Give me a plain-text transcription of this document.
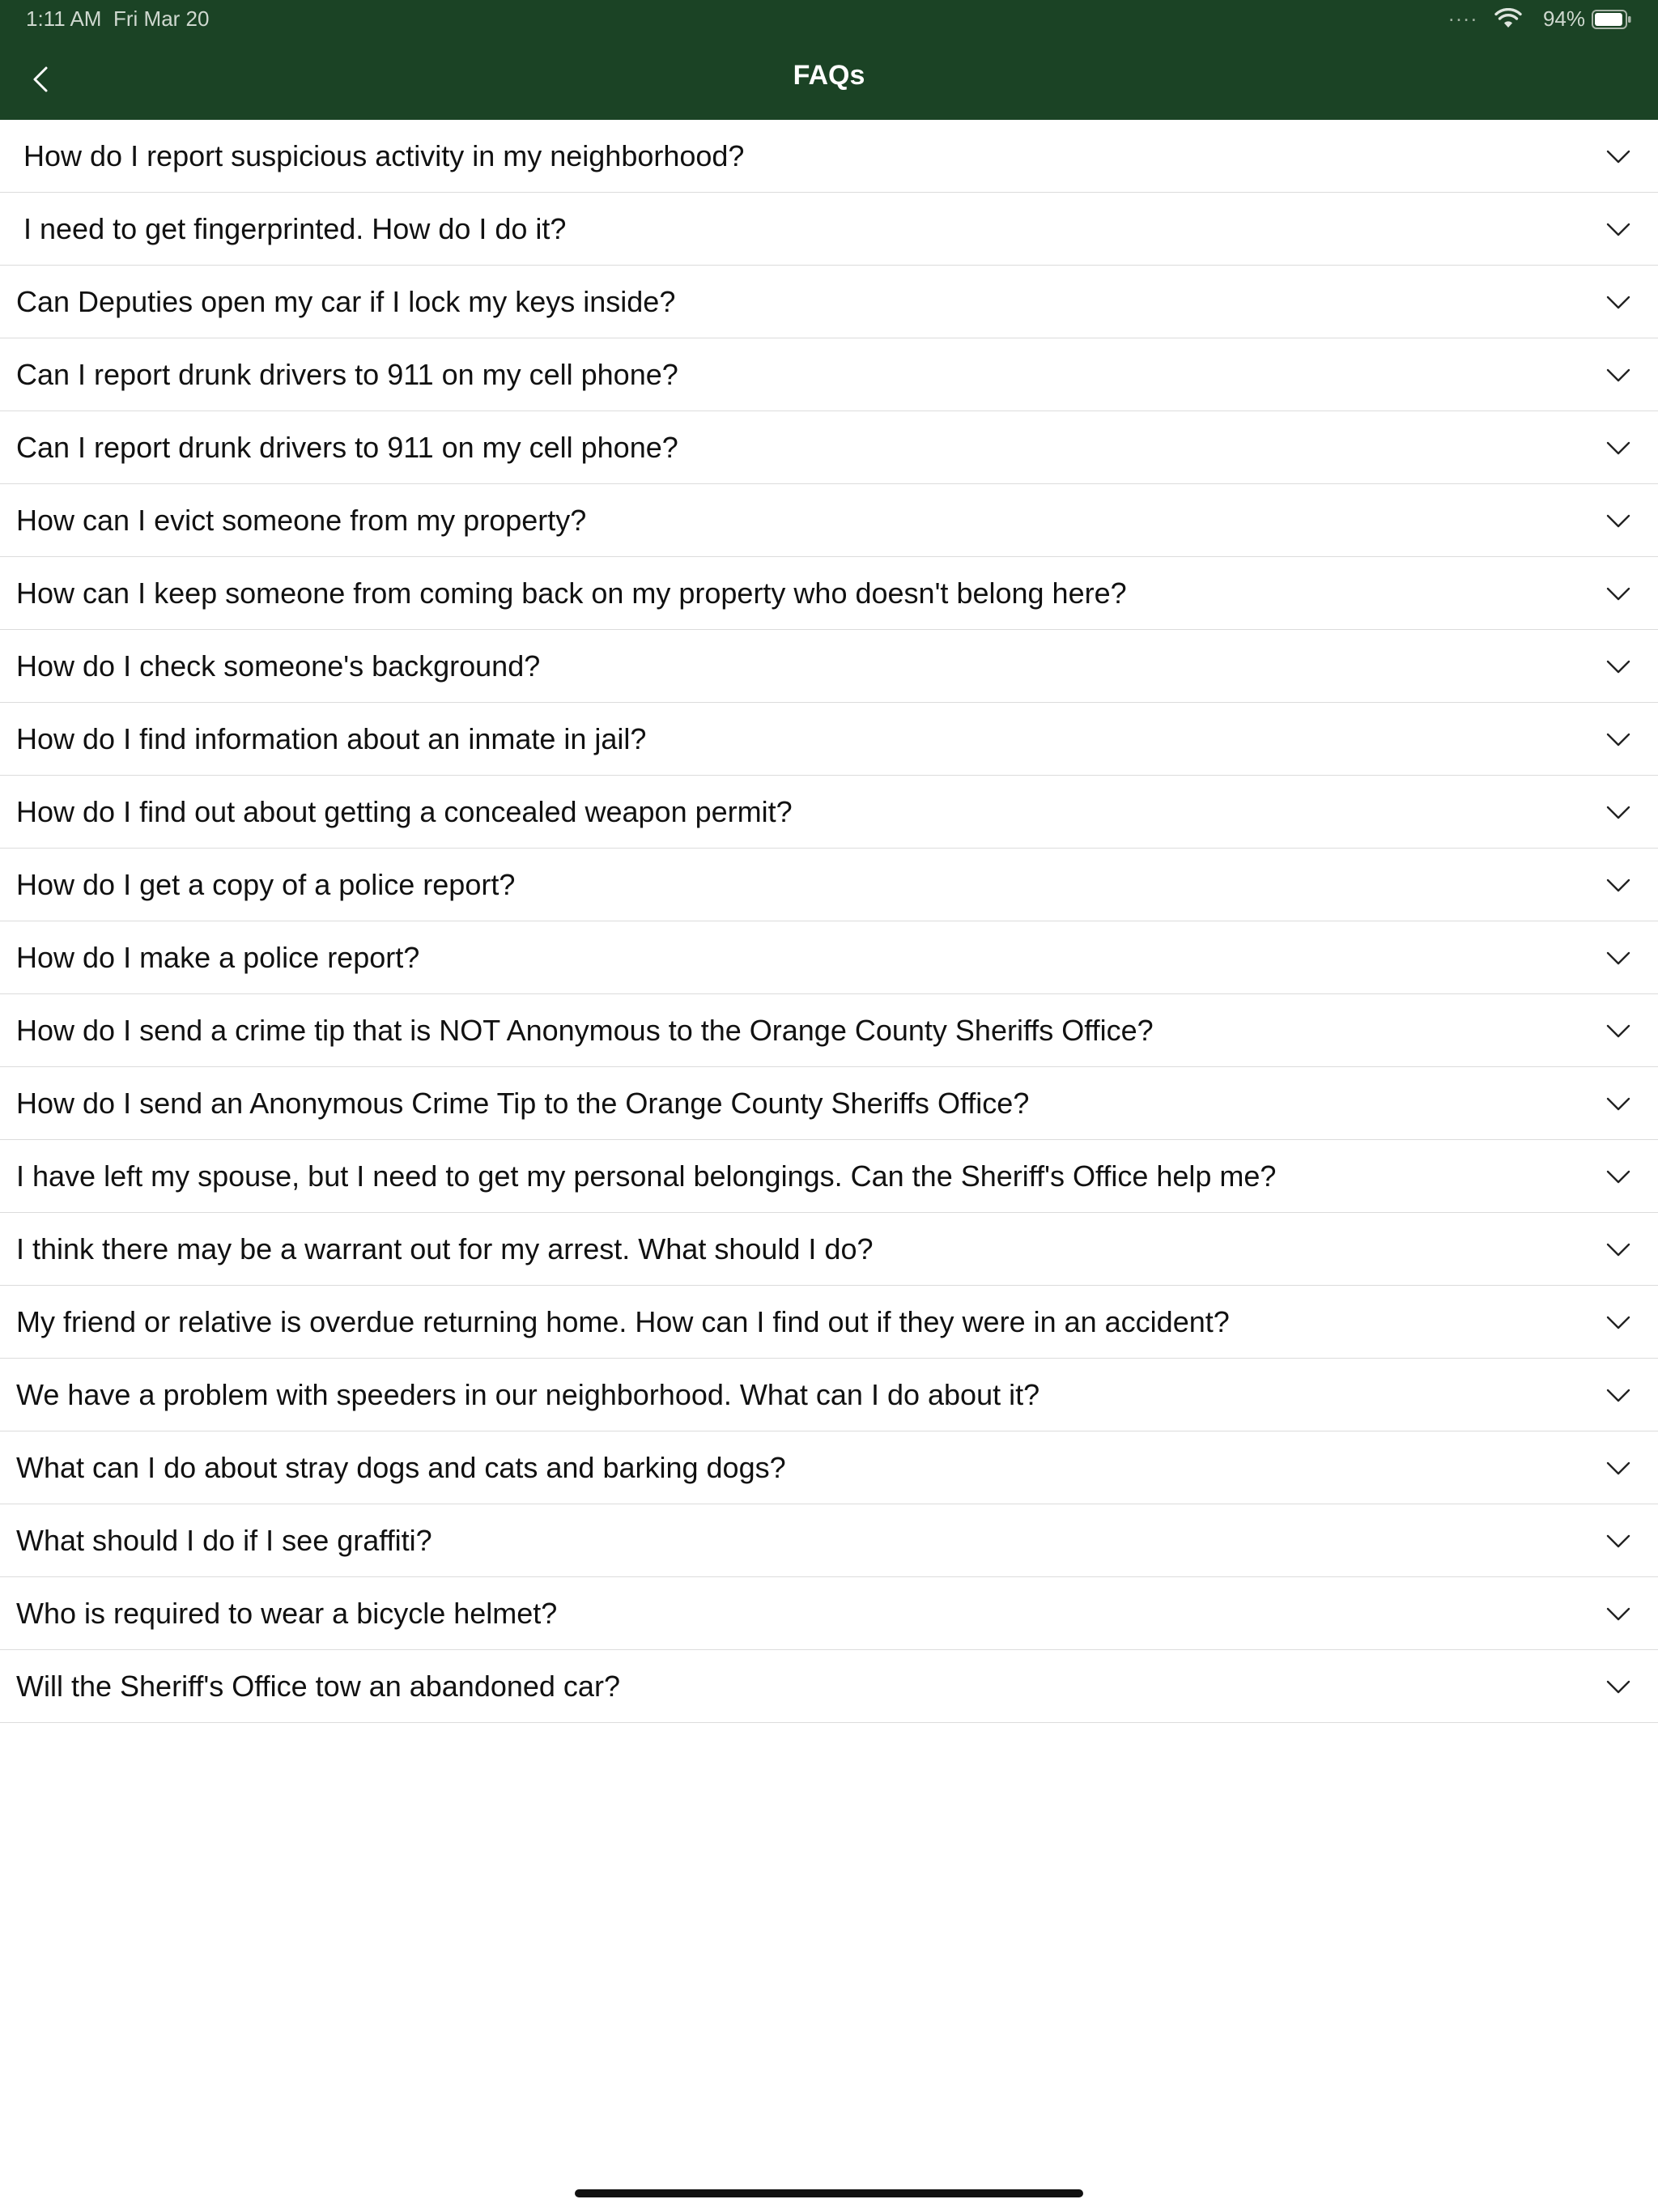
1:11 AM Fri Mar 20	....	94%
FAQs
How do I report suspicious activity in my neighborhood?
I need to get fingerprinted. How do I do it?
Can Deputies open my car if I lock my keys inside?
Can I report drunk drivers to 911 on my cell phone?
Can I report drunk drivers to 911 on my cell phone?
How can I evict someone from my property?
How can I keep someone from coming back on my property who doesn't belong here?
How do I check someone's background?
How do I find information about an inmate in jail?
How do I find out about getting a concealed weapon permit?
How do I get a copy of a police report?
How do I make a police report?
How do I send a crime tip that is NOT Anonymous to the Orange County Sheriffs Office?
How do I send an Anonymous Crime Tip to the Orange County Sheriffs Office?
I have left my spouse, but I need to get my personal belongings. Can the Sheriff's Office help me?
I think there may be a warrant out for my arrest. What should I do?
My friend or relative is overdue returning home. How can I find out if they were in an accident?
We have a problem with speeders in our neighborhood. What can I do about it?
What can I do about stray dogs and cats and barking dogs?
What should I do if I see graffiti?
Who is required to wear a bicycle helmet?
Will the Sheriff's Office tow an abandoned car?
